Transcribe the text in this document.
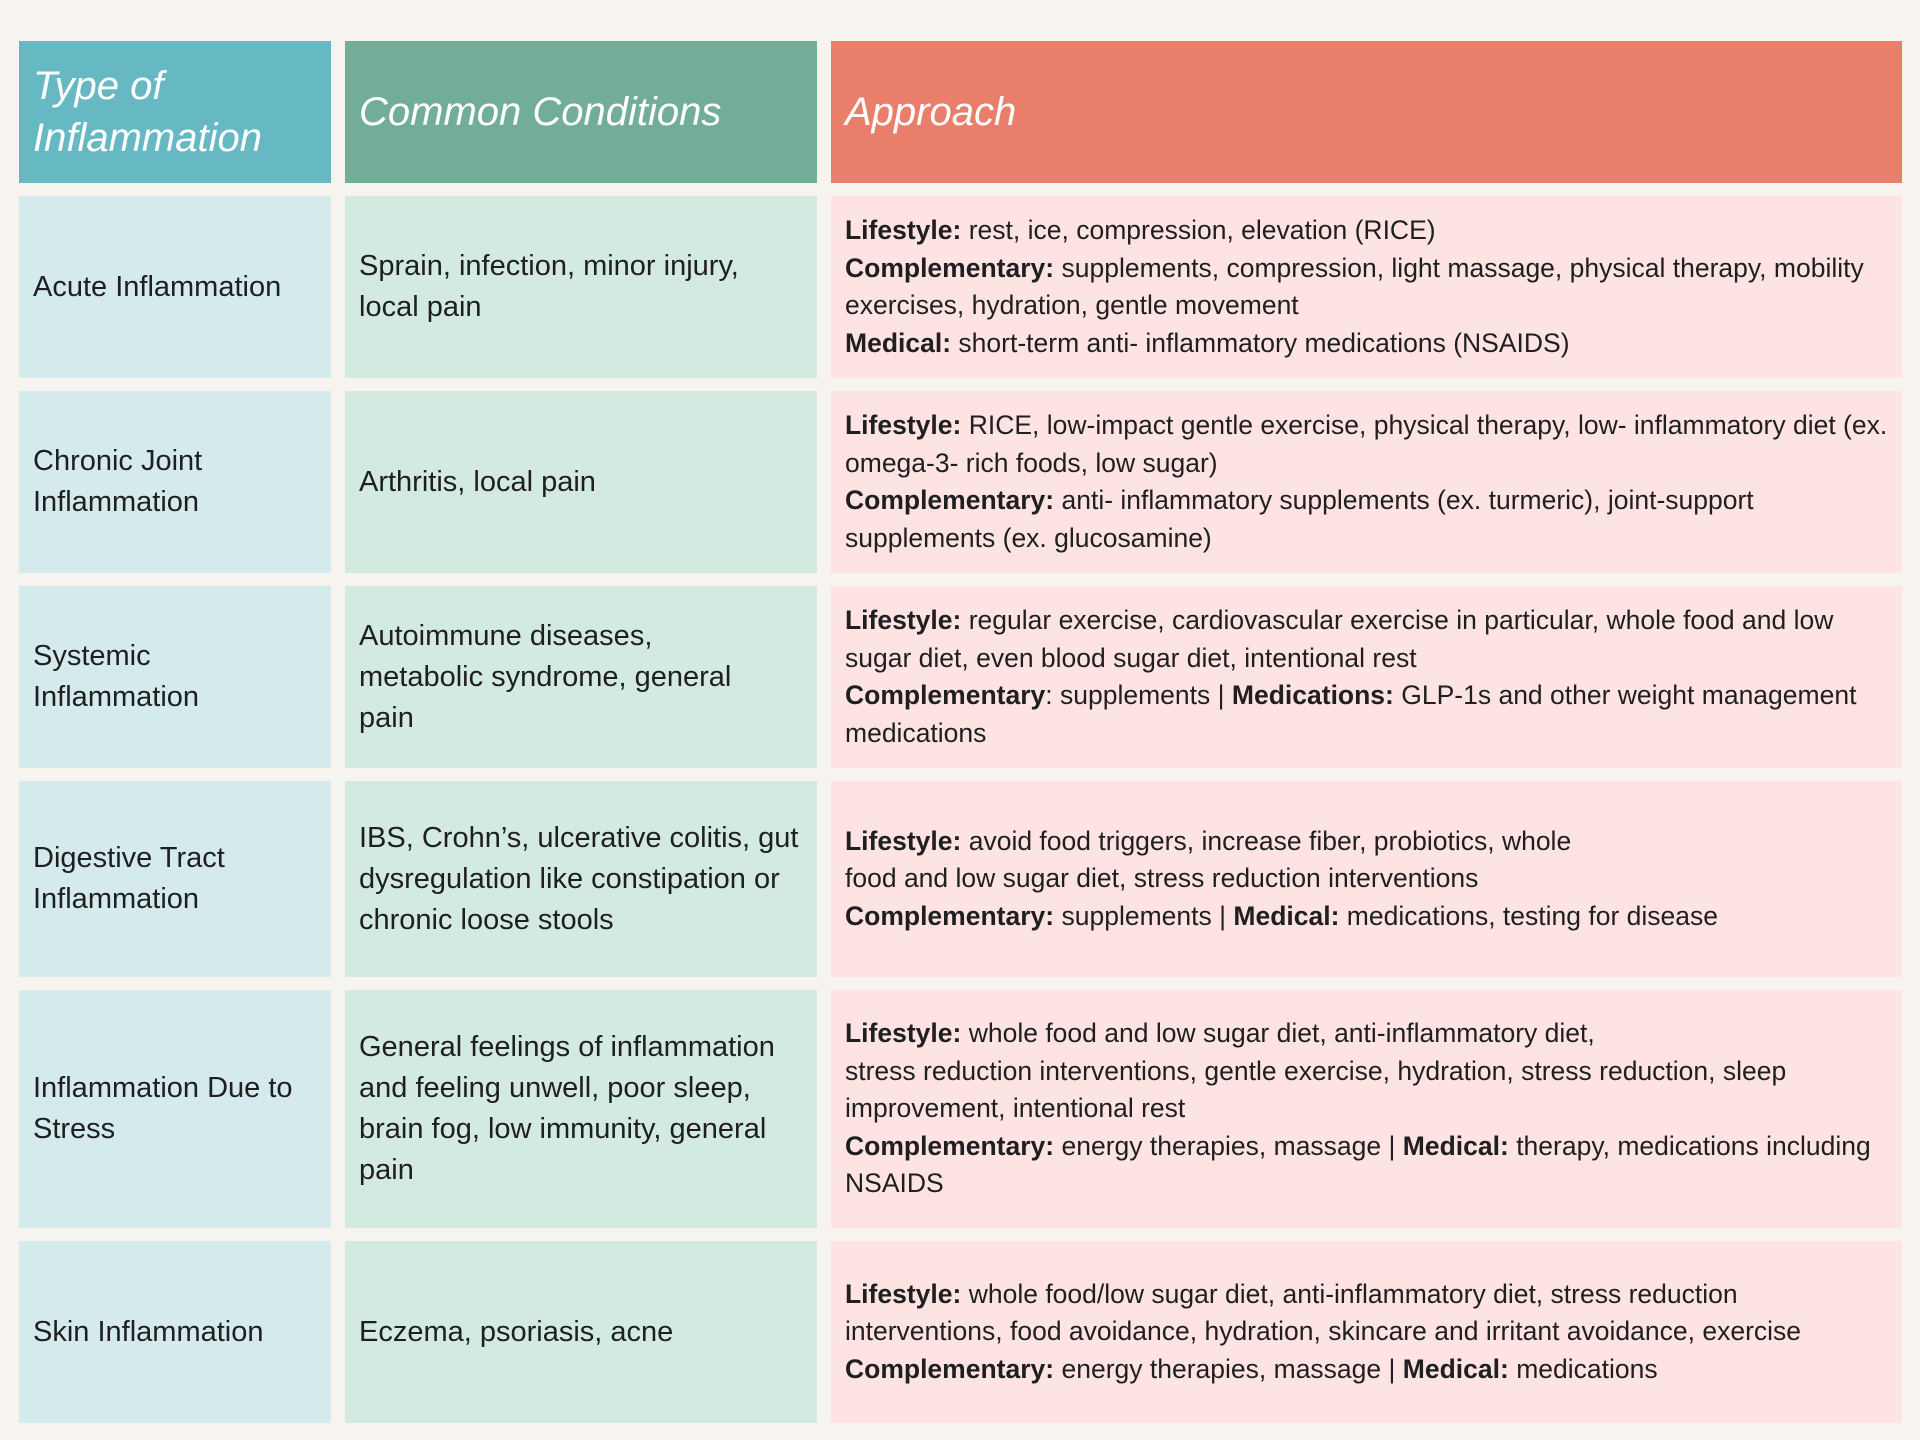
Type of Inflammation
Common Conditions	Approach
Acute Inflammation
Sprain, infection, minor injury, local pain
Lifestyle: rest, ice, compression, elevation (RICE)
Complementary: supplements, compression, light massage, physical therapy, mobility exercises, hydration, gentle movement
Medical: short-term anti- inflammatory medications (NSAIDS)
Chronic Joint Inflammation
Arthritis, local pain
Lifestyle: RICE, low-impact gentle exercise, physical therapy, low- inflammatory diet (ex. omega-3- rich foods, low sugar)
Complementary: anti- inflammatory supplements (ex. turmeric), joint-support supplements (ex. glucosamine)
Systemic Inflammation
Autoimmune diseases, metabolic syndrome, general pain
Lifestyle: regular exercise, cardiovascular exercise in particular, whole food and low sugar diet, even blood sugar diet, intentional rest
Complementary: supplements | Medications: GLP-1s and other weight management medications
Digestive Tract Inflammation
IBS, Crohn’s, ulcerative colitis, gut dysregulation like constipation or chronic loose stools
Lifestyle: avoid food triggers, increase fiber, probiotics, whole
food and low sugar diet, stress reduction interventions
Complementary: supplements | Medical: medications, testing for disease
Inflammation Due to Stress
General feelings of inflammation and feeling unwell, poor sleep, brain fog, low immunity, general pain
Lifestyle: whole food and low sugar diet, anti-inflammatory diet,
stress reduction interventions, gentle exercise, hydration, stress reduction, sleep improvement, intentional rest
Complementary: energy therapies, massage | Medical: therapy, medications including NSAIDS
Skin Inflammation	Eczema, psoriasis, acne
Lifestyle: whole food/low sugar diet, anti-inflammatory diet, stress reduction interventions, food avoidance, hydration, skincare and irritant avoidance, exercise
Complementary: energy therapies, massage | Medical: medications
